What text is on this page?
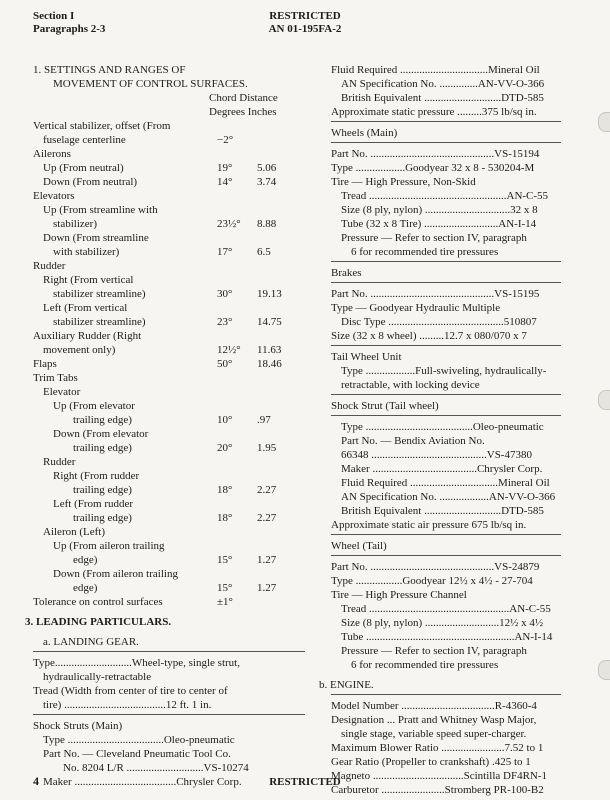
Section I
Paragraphs 2-3
RESTRICTED
AN 01-195FA-2
1. SETTINGS AND RANGES OF
MOVEMENT OF CONTROL SURFACES.
Chord Distance
Degrees Inches
Vertical stabilizer, offset (From
fuselage centerline	−2°
Ailerons
Up (From neutral)	19° 5.06
Down (From neutral)	14° 3.74
Elevators
Up (From streamline with
stabilizer)	23½° 8.88
Down (From streamline
with stabilizer)	17° 6.5
Rudder
Right (From vertical
stabilizer streamline)	30° 19.13
Left (From vertical
stabilizer streamline)	23° 14.75
Auxiliary Rudder (Right
movement only)	12½° 11.63
Flaps	50° 18.46
Trim Tabs
Elevator
Up (From elevator
trailing edge)	10° .97
Down (From elevator
trailing edge)	20° 1.95
Rudder
Right (From rudder
trailing edge)	18° 2.27
Left (From rudder
trailing edge)	18° 2.27
Aileron (Left)
Up (From aileron trailing
edge)	15° 1.27
Down (From aileron trailing
edge)	15° 1.27
Tolerance on control surfaces	±1°
3. LEADING PARTICULARS.
a. LANDING GEAR.
Type............................Wheel-type, single strut,
hydraulically-retractable
Tread (Width from center of tire to center of
tire) .....................................12 ft. 1 in.
Shock Struts (Main)
Type ...................................Oleo-pneumatic
Part No. — Cleveland Pneumatic Tool Co.
No. 8204 L/R ............................VS-10274
Maker .....................................Chrysler Corp.
Fluid Required ................................Mineral Oil
AN Specification No. ..............AN-VV-O-366
British Equivalent ............................DTD-585
Approximate static pressure .........375 lb/sq in.
Wheels (Main)
Part No. .............................................VS-15194
Type ..................Goodyear 32 x 8 - 530204-M
Tire — High Pressure, Non-Skid
Tread ..................................................AN-C-55
Size (8 ply, nylon) ...............................32 x 8
Tube (32 x 8 Tire) ...........................AN-I-14
Pressure — Refer to section IV, paragraph
6 for recommended tire pressures
Brakes
Part No. .............................................VS-15195
Type — Goodyear Hydraulic Multiple
Disc Type ..........................................510807
Size (32 x 8 wheel) .........12.7 x 080/070 x 7
Tail Wheel Unit
Type ..................Full-swiveling, hydraulically-
retractable, with locking device
Shock Strut (Tail wheel)
Type .......................................Oleo-pneumatic
Part No. — Bendix Aviation No.
66348 ..........................................VS-47380
Maker ......................................Chrysler Corp.
Fluid Required ................................Mineral Oil
AN Specification No. ..................AN-VV-O-366
British Equivalent ............................DTD-585
Approximate static air pressure 675 lb/sq in.
Wheel (Tail)
Part No. .............................................VS-24879
Type .................Goodyear 12½ x 4½ - 27-704
Tire — High Pressure Channel
Tread ...................................................AN-C-55
Size (8 ply, nylon) ...........................12½ x 4½
Tube ......................................................AN-I-14
Pressure — Refer to section IV, paragraph
6 for recommended tire pressures
b. ENGINE.
Model Number ..................................R-4360-4
Designation ... Pratt and Whitney Wasp Major,
single stage, variable speed super-charger.
Maximum Blower Ratio .......................7.52 to 1
Gear Ratio (Propeller to crankshaft) .425 to 1
Magneto .................................Scintilla DF4RN-1
Carburetor .......................Stromberg PR-100-B2
4	RESTRICTED
